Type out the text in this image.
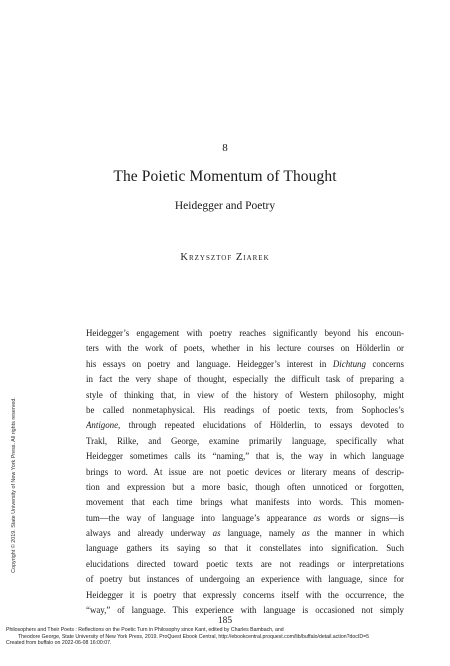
8
The Poietic Momentum of Thought
Heidegger and Poetry
Krzysztof Ziarek
Heidegger’s engagement with poetry reaches significantly beyond his encoun-
ters with the work of poets, whether in his lecture courses on Hölderlin or
his essays on poetry and language. Heidegger’s interest in Dichtung concerns
in fact the very shape of thought, especially the difficult task of preparing a
style of thinking that, in view of the history of Western philosophy, might
be called nonmetaphysical. His readings of poetic texts, from Sophocles’s
Antigone, through repeated elucidations of Hölderlin, to essays devoted to
Trakl, Rilke, and George, examine primarily language, specifically what
Heidegger sometimes calls its “naming,” that is, the way in which language
brings to word. At issue are not poetic devices or literary means of descrip-
tion and expression but a more basic, though often unnoticed or forgotten,
movement that each time brings what manifests into words. This momen-
tum—the way of language into language’s appearance as words or signs—is
always and already underway as language, namely as the manner in which
language gathers its saying so that it constellates into signification. Such
elucidations directed toward poetic texts are not readings or interpretations
of poetry but instances of undergoing an experience with language, since for
Heidegger it is poetry that expressly concerns itself with the occurrence, the
“way,” of language. This experience with language is occasioned not simply
Copyright © 2019. State University of New York Press. All rights reserved.
185
Philosophers and Their Poets : Reflections on the Poetic Turn in Philosophy since Kant, edited by Charles Bambach, and
Theodore George, State University of New York Press, 2019. ProQuest Ebook Central, http://ebookcentral.proquest.com/lib/buffalo/detail.action?docID=5
Created from buffalo on 2022-06-08 16:00:07.
